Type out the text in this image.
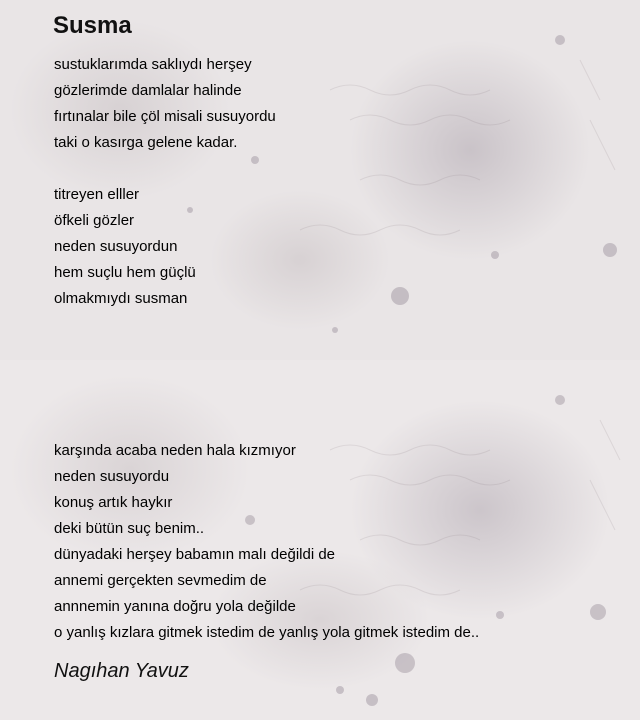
Susma
sustuklarımda saklıydı herşey
gözlerimde damlalar halinde
fırtınalar bile çöl misali susuyordu
taki o kasırga gelene kadar.
titreyen elller
öfkeli gözler
neden susuyordun
hem suçlu hem güçlü
olmakmıydı susman
karşında acaba neden hala kızmıyor
neden susuyordu
konuş artık haykır
deki bütün suç benim..
dünyadaki herşey babamın malı değildi de
annemi gerçekten sevmedim de
annnemin yanına doğru yola değilde
o yanlış kızlara gitmek istedim de yanlış yola gitmek istedim de..

Nagıhan Yavuz
